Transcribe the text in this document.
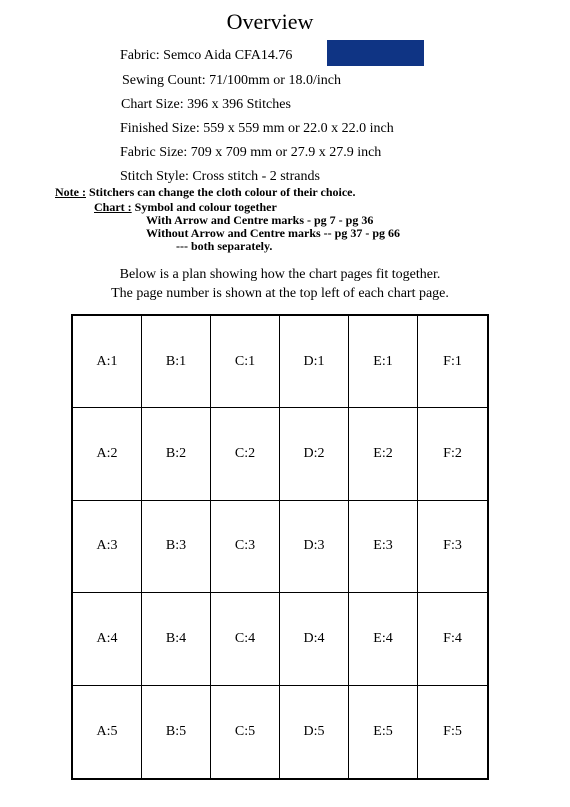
Overview
Fabric: Semco Aida CFA14.76
Sewing Count: 71/100mm or 18.0/inch
Chart Size: 396 x 396 Stitches
Finished Size: 559 x 559 mm or 22.0 x 22.0 inch
Fabric Size: 709 x 709 mm or 27.9 x 27.9 inch
Stitch Style: Cross stitch - 2 strands
Note : Stitchers can change the cloth colour of their choice.
Chart : Symbol and colour together
With Arrow and Centre marks - pg 7 - pg 36
Without Arrow and Centre marks -- pg 37 - pg 66
--- both separately.
Below is a plan showing how the chart pages fit together.
The page number is shown at the top left of each chart page.
A:1	B:1	C:1	D:1	E:1	F:1
A:2	B:2	C:2	D:2	E:2	F:2
A:3	B:3	C:3	D:3	E:3	F:3
A:4	B:4	C:4	D:4	E:4	F:4
A:5	B:5	C:5	D:5	E:5	F:5
